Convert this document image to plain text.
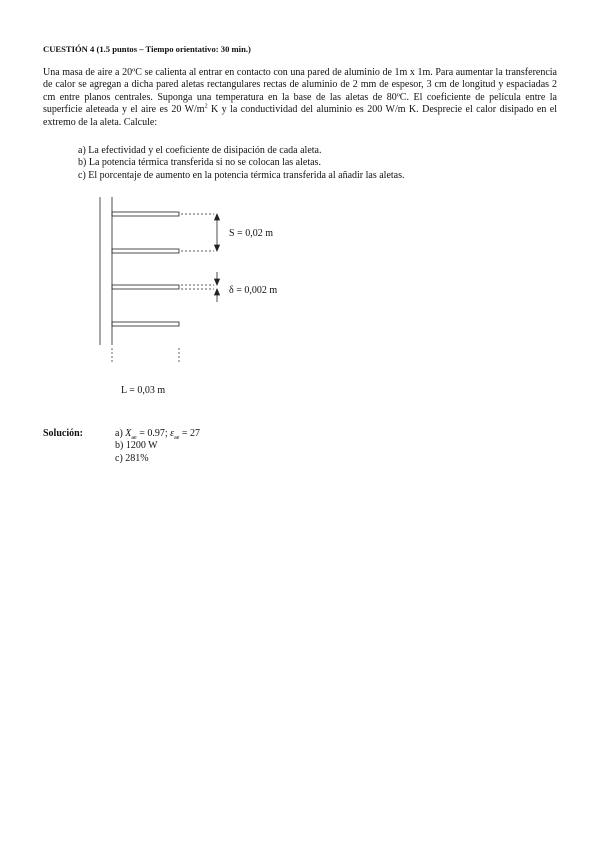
CUESTIÓN 4 (1.5 puntos – Tiempo orientativo: 30 min.)
Una masa de aire a 20ºC se calienta al entrar en contacto con una pared de aluminio de 1m x 1m. Para aumentar la transferencia de calor se agregan a dicha pared aletas rectangulares rectas de aluminio de 2 mm de espesor, 3 cm de longitud y espaciadas 2 cm entre planos centrales. Suponga una temperatura en la base de las aletas de 80ºC. El coeficiente de película entre la superficie aleteada y el aire es 20 $W/m^2$ K y la conductividad del aluminio es 200 W/m K. Desprecie el calor disipado en el extremo de la aleta. Calcule:
a) La efectividad y el coeficiente de disipación de cada aleta.
b) La potencia térmica transferida si no se colocan las aletas.
c) El porcentaje de aumento en la potencia térmica transferida al añadir las aletas.
S = 0,02 m
δ = 0,002 m
L = 0,03 m
Solución:	a) $X_{ae} = 0.97$; $\varepsilon_{ae} = 27$
b) 1200 W
c) 281%
